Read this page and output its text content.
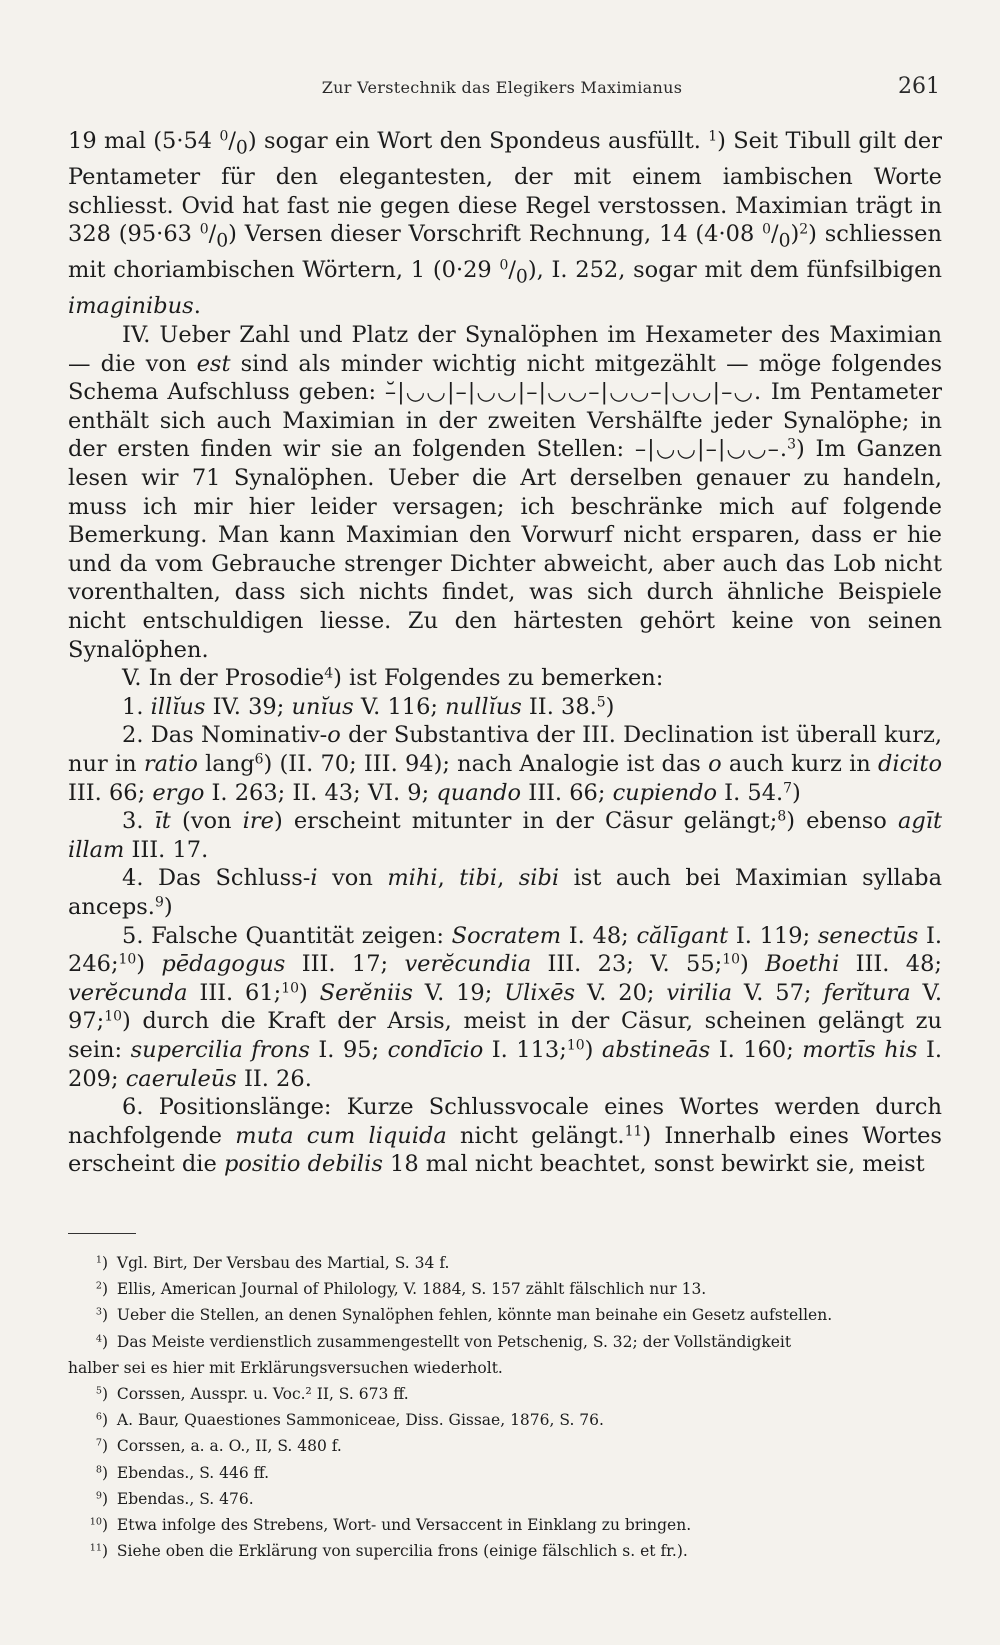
Zur Verstechnik das Elegikers Maximianus	261

19 mal (5·54 $^0/_0$) sogar ein Wort den Spondeus ausfüllt. $^1$) Seit Tibull gilt der Pentameter für den elegantesten, der mit einem iambischen Worte schliesst. Ovid hat fast nie gegen diese Regel verstossen. Maximian trägt in 328 (95·63 $^0/_0$) Versen dieser Vorschrift Rechnung, 14 (4·08 $^0/_0)^2$) schliessen mit choriambischen Wörtern, 1 (0·29 $^0/_0$), I. 252, sogar mit dem fünfsilbigen imaginibus.

IV. Ueber Zahl und Platz der Synalöphen im Hexameter des Maximian — die von est sind als minder wichtig nicht mitgezählt — möge folgendes Schema Aufschluss geben: –̆|◡◡|–|◡◡|–|◡◡–|◡◡–|◡◡|–◡. Im Pentameter enthält sich auch Maximian in der zweiten Vershälfte jeder Synalöphe; in der ersten finden wir sie an folgenden Stellen: –|◡◡|–|◡◡–.$^3$) Im Ganzen lesen wir 71 Synalöphen. Ueber die Art derselben genauer zu handeln, muss ich mir hier leider versagen; ich beschränke mich auf folgende Bemerkung. Man kann Maximian den Vorwurf nicht ersparen, dass er hie und da vom Gebrauche strenger Dichter abweicht, aber auch das Lob nicht vorenthalten, dass sich nichts findet, was sich durch ähnliche Beispiele nicht entschuldigen liesse. Zu den härtesten gehört keine von seinen Synalöphen.

V. In der Prosodie$^4$) ist Folgendes zu bemerken:

1. illĭus IV. 39; unĭus V. 116; nullĭus II. 38.$^5$)

2. Das Nominativ-o der Substantiva der III. Declination ist überall kurz, nur in ratio lang$^6$) (II. 70; III. 94); nach Analogie ist das o auch kurz in dicito III. 66; ergo I. 263; II. 43; VI. 9; quando III. 66; cupiendo I. 54.$^7$)

3. īt (von ire) erscheint mitunter in der Cäsur gelängt;$^8$) ebenso agīt illam III. 17.

4. Das Schluss-i von mihi, tibi, sibi ist auch bei Maximian syllaba anceps.$^9$)

5. Falsche Quantität zeigen: Socratem I. 48; călīgant I. 119; senectūs I. 246;$^{10}$) pēdagogus III. 17; verĕcundia III. 23; V. 55;$^{10}$) Boethi III. 48; verĕcunda III. 61;$^{10}$) Serĕniis V. 19; Ulixēs V. 20; virilia V. 57; ferĭtura V. 97;$^{10}$) durch die Kraft der Arsis, meist in der Cäsur, scheinen gelängt zu sein: supercilia frons I. 95; condīcio I. 113;$^{10}$) abstineās I. 160; mortīs his I. 209; caeruleūs II. 26.

6. Positionslänge: Kurze Schlussvocale eines Wortes werden durch nachfolgende muta cum liquida nicht gelängt.$^{11}$) Innerhalb eines Wortes erscheint die positio debilis 18 mal nicht beachtet, sonst bewirkt sie, meist

$^1$) Vgl. Birt, Der Versbau des Martial, S. 34 f.

$^2$) Ellis, American Journal of Philology, V. 1884, S. 157 zählt fälschlich nur 13.

$^3$) Ueber die Stellen, an denen Synalöphen fehlen, könnte man beinahe ein Gesetz aufstellen.

$^4$) Das Meiste verdienstlich zusammengestellt von Petschenig, S. 32; der Vollständigkeit

halber sei es hier mit Erklärungsversuchen wiederholt.

$^5$) Corssen, Ausspr. u. Voc.² II, S. 673 ff.

$^6$) A. Baur, Quaestiones Sammoniceae, Diss. Gissae, 1876, S. 76.

$^7$) Corssen, a. a. O., II, S. 480 f.

$^8$) Ebendas., S. 446 ff.

$^9$) Ebendas., S. 476.

$^{10}$) Etwa infolge des Strebens, Wort- und Versaccent in Einklang zu bringen.

$^{11}$) Siehe oben die Erklärung von supercilia frons (einige fälschlich s. et fr.).
